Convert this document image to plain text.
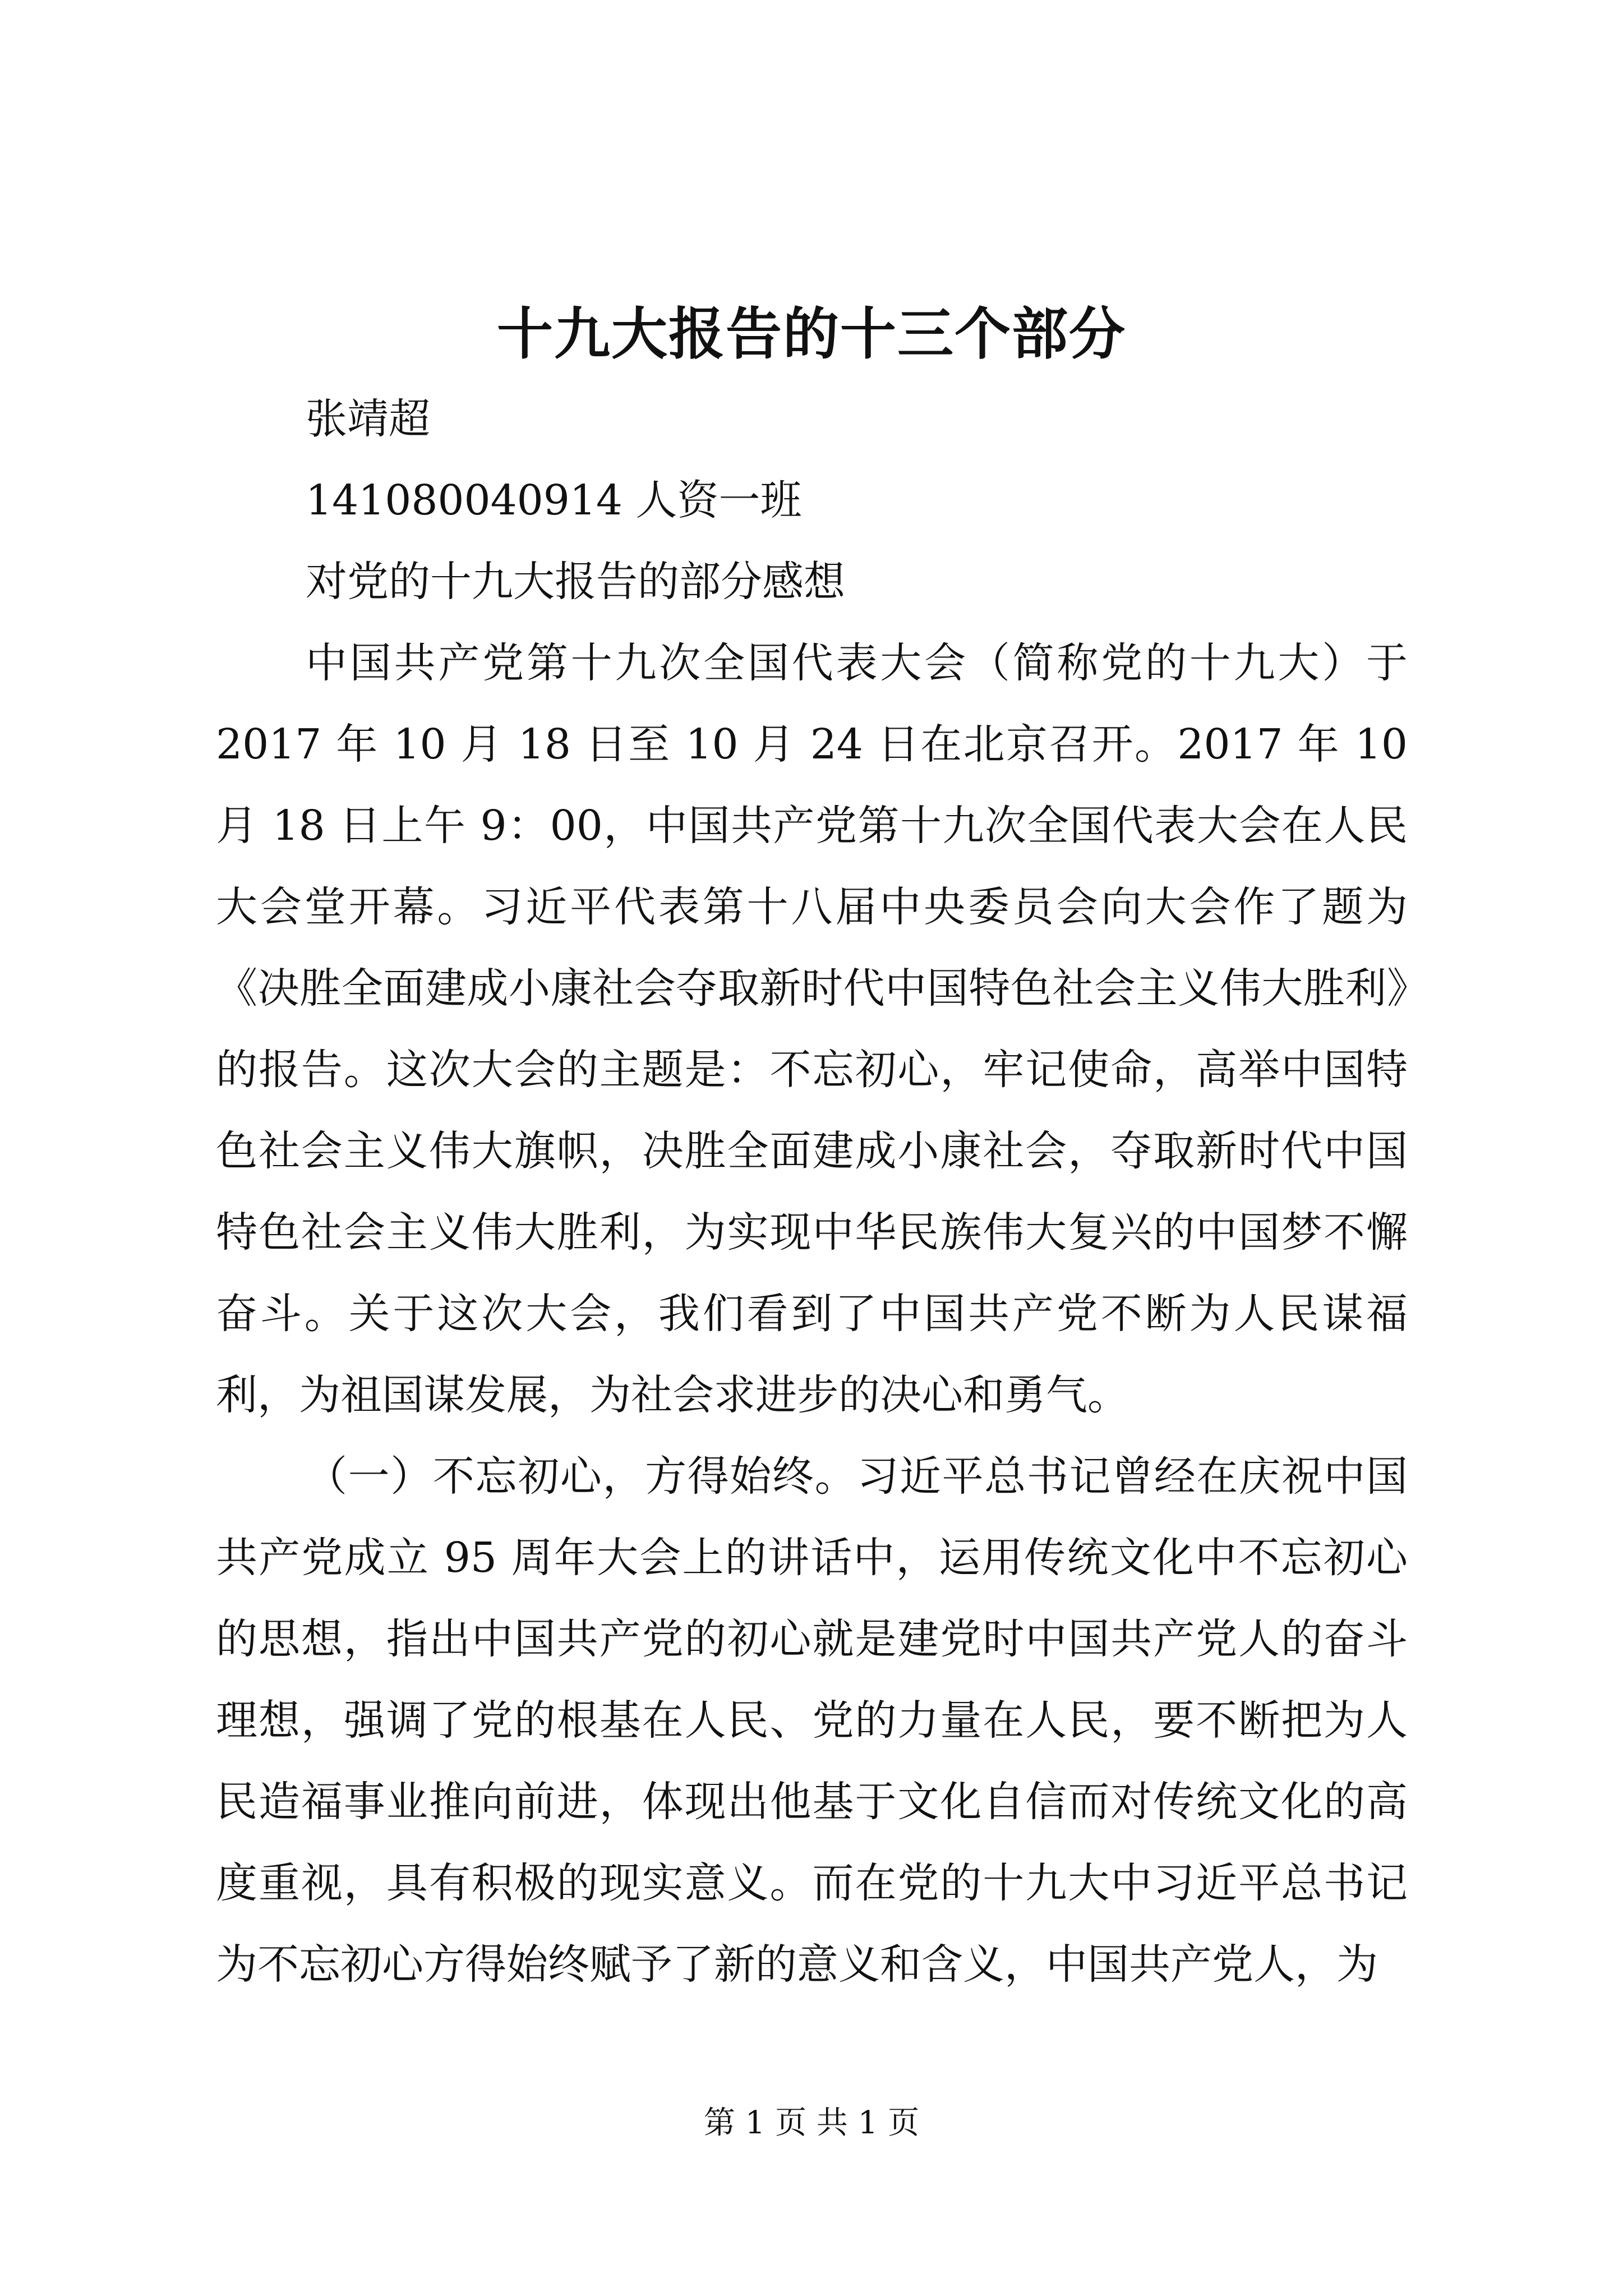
十九大报告的十三个部分

张靖超

141080040914 人资一班

对党的十九大报告的部分感想

中国共产党第十九次全国代表大会（简称党的十九大）于 2017 年 10 月 18 日至 10 月 24 日在北京召开。2017 年 10 月 18 日上午 9：00，中国共产党第十九次全国代表大会在人民大会堂开幕。习近平代表第十八届中央委员会向大会作了题为《决胜全面建成小康社会夺取新时代中国特色社会主义伟大胜利》的报告。这次大会的主题是：不忘初心，牢记使命，高举中国特色社会主义伟大旗帜，决胜全面建成小康社会，夺取新时代中国特色社会主义伟大胜利，为实现中华民族伟大复兴的中国梦不懈奋斗。关于这次大会，我们看到了中国共产党不断为人民谋福利，为祖国谋发展，为社会求进步的决心和勇气。

（一）不忘初心，方得始终。习近平总书记曾经在庆祝中国共产党成立 95 周年大会上的讲话中，运用传统文化中不忘初心的思想，指出中国共产党的初心就是建党时中国共产党人的奋斗理想，强调了党的根基在人民、党的力量在人民，要不断把为人民造福事业推向前进，体现出他基于文化自信而对传统文化的高度重视，具有积极的现实意义。而在党的十九大中习近平总书记为不忘初心方得始终赋予了新的意义和含义，中国共产党人，为

第 1 页 共 1 页
